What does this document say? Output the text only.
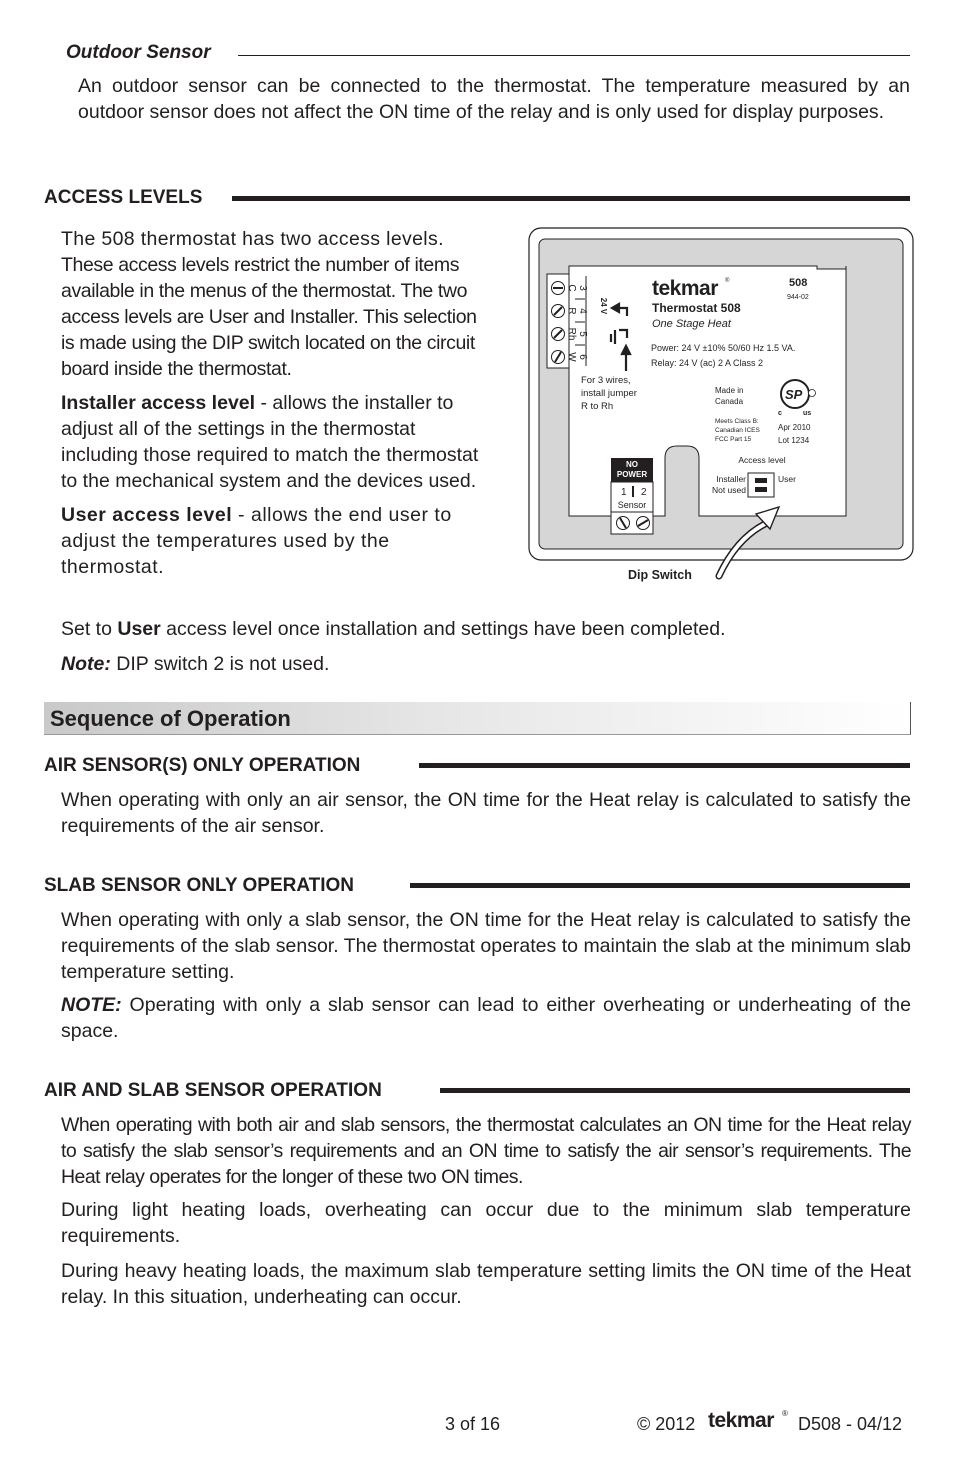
Outdoor Sensor

An outdoor sensor can be connected to the thermostat. The temperature measured by an outdoor sensor does not affect the ON time of the relay and is only used for display purposes.

ACCESS LEVELS

The 508 thermostat has two access levels.

These access levels restrict the number of items available in the menus of the thermostat. The two access levels are User and Installer. This selection is made using the DIP switch located on the circuit board inside the thermostat.

Installer access level - allows the installer to adjust all of the settings in the thermostat including those required to match the thermostat to the mechanical system and the devices used.

User access level - allows the end user to adjust the temperatures used by the thermostat.

3
4
5
6
C
R
Rh
W
24 V
For 3 wires,
install jumper
R to Rh
tekmar ®	508
944-02
Thermostat 508
One Stage Heat
Power: 24 V ±10% 50/60 Hz 1.5 VA.
Relay: 24 V (ac) 2 A Class 2
Made in
Canada
Meets Class B:
Canadian ICES
FCC Part 15
SP
c	us
Apr 2010
Lot 1234
NO
POWER
1 2
Sensor
Access level
Installer
Not used
User
Dip Switch

Set to User access level once installation and settings have been completed.

Note: DIP switch 2 is not used.

Sequence of Operation
AIR SENSOR(S) ONLY OPERATION

When operating with only an air sensor, the ON time for the Heat relay is calculated to satisfy the requirements of the air sensor.

SLAB SENSOR ONLY OPERATION

When operating with only a slab sensor, the ON time for the Heat relay is calculated to satisfy the requirements of the slab sensor. The thermostat operates to maintain the slab at the minimum slab temperature setting.

NOTE: Operating with only a slab sensor can lead to either overheating or underheating of the space.

AIR AND SLAB SENSOR OPERATION

When operating with both air and slab sensors, the thermostat calculates an ON time for the Heat relay to satisfy the slab sensor’s requirements and an ON time to satisfy the air sensor’s requirements. The Heat relay operates for the longer of these two ON times.

During light heating loads, overheating can occur due to the minimum slab temperature requirements.

During heavy heating loads, the maximum slab temperature setting limits the ON time of the Heat relay. In this situation, underheating can occur.

3 of 16	© 2012 tekmar ®
D508 - 04/12
